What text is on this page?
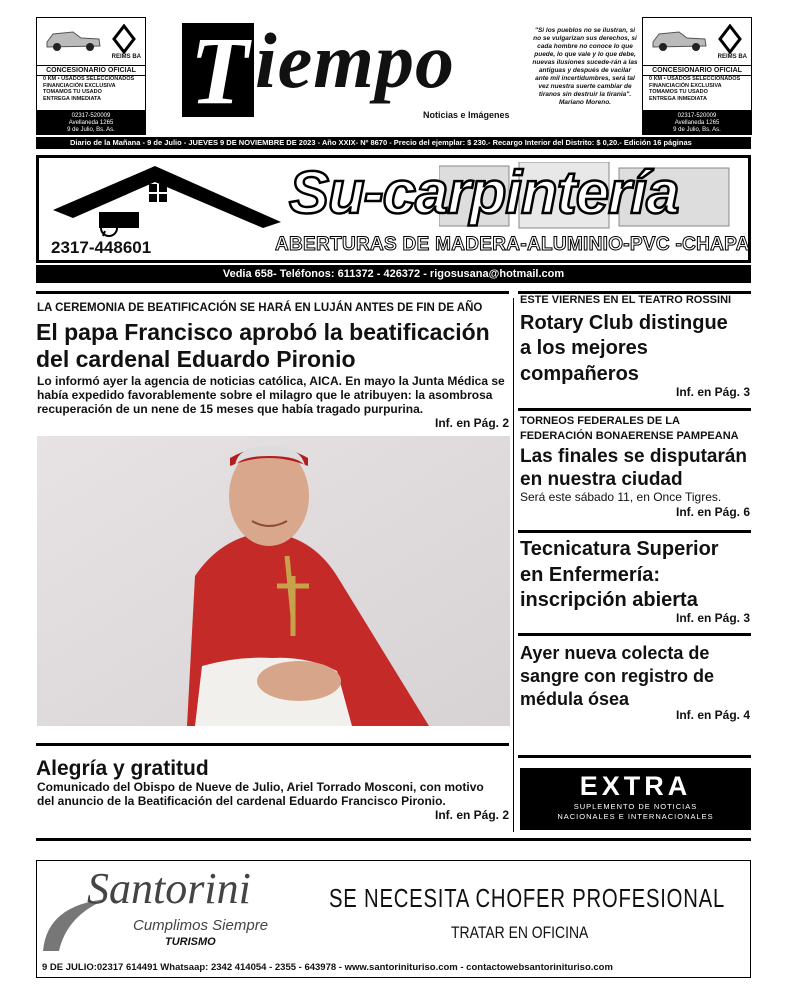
REIMS BA
CONCESIONARIO OFICIAL
0 KM • USADOS SELECCIONADOS
FINANCIACIÓN EXCLUSIVA
TOMAMOS TU USADO
ENTREGA INMEDIATA
02317-520009
Avellaneda 1265
9 de Julio, Bs. As.
T iempo
Noticias e Imágenes
"Si los pueblos no se ilustran, si no se vulgarizan sus derechos, si cada hombre no conoce lo que puede, lo que vale y lo que debe, nuevas ilusiones sucede-rán a las antiguas y después de vacilar ante mil incertidumbres, será tal vez nuestra suerte cambiar de tiranos sin destruir la tiranía". Mariano Moreno.
REIMS BA
CONCESIONARIO OFICIAL
0 KM • USADOS SELECCIONADOS
FINANCIACIÓN EXCLUSIVA
TOMAMOS TU USADO
ENTREGA INMEDIATA
02317-520009
Avellaneda 1265
9 de Julio, Bs. As.
Diario de la Mañana - 9 de Julio - JUEVES 9 DE NOVIEMBRE DE 2023 - Año XXIX- Nº 8670 - Precio del ejemplar: $ 230.- Recargo Interior del Distrito: $ 0,20.- Edición 16 páginas
Su-carpintería
2317-448601	ABERTURAS DE MADERA-ALUMINIO-PVC -CHAPA
Vedia 658- Teléfonos: 611372 - 426372 - rigosusana@hotmail.com
LA CEREMONIA DE BEATIFICACIÓN SE HARÁ EN LUJÁN ANTES DE FIN DE AÑO
El papa Francisco aprobó la beatificación
del cardenal Eduardo Pironio
Lo informó ayer la agencia de noticias católica, AICA. En mayo la Junta Médica se
había expedido favorablemente sobre el milagro que le atribuyen: la asombrosa
recuperación de un nene de 15 meses que había tragado purpurina.
Inf. en Pág. 2
Alegría y gratitud
Comunicado del Obispo de Nueve de Julio, Ariel Torrado Mosconi, con motivo
del anuncio de la Beatificación del cardenal Eduardo Francisco Pironio.
Inf. en Pág. 2
ESTE VIERNES EN EL TEATRO ROSSINI
Rotary Club distingue
a los mejores
compañeros
Inf. en Pág. 3
TORNEOS FEDERALES DE LA
FEDERACIÓN BONAERENSE PAMPEANA
Las finales se disputarán
en nuestra ciudad
Será este sábado 11, en Once Tigres.
Inf. en Pág. 6
Tecnicatura Superior
en Enfermería:
inscripción abierta
Inf. en Pág. 3
Ayer nueva colecta de
sangre con registro de
médula ósea
Inf. en Pág. 4
EXTRA
SUPLEMENTO DE NOTICIAS
NACIONALES E INTERNACIONALES
Santorini
Cumplimos Siempre
TURISMO
SE NECESITA CHOFER PROFESIONAL
TRATAR EN OFICINA
9 DE JULIO:02317 614491 Whatsaap: 2342 414054 - 2355 - 643978 - www.santorinituriso.com - contactowebsantorinituriso.com
